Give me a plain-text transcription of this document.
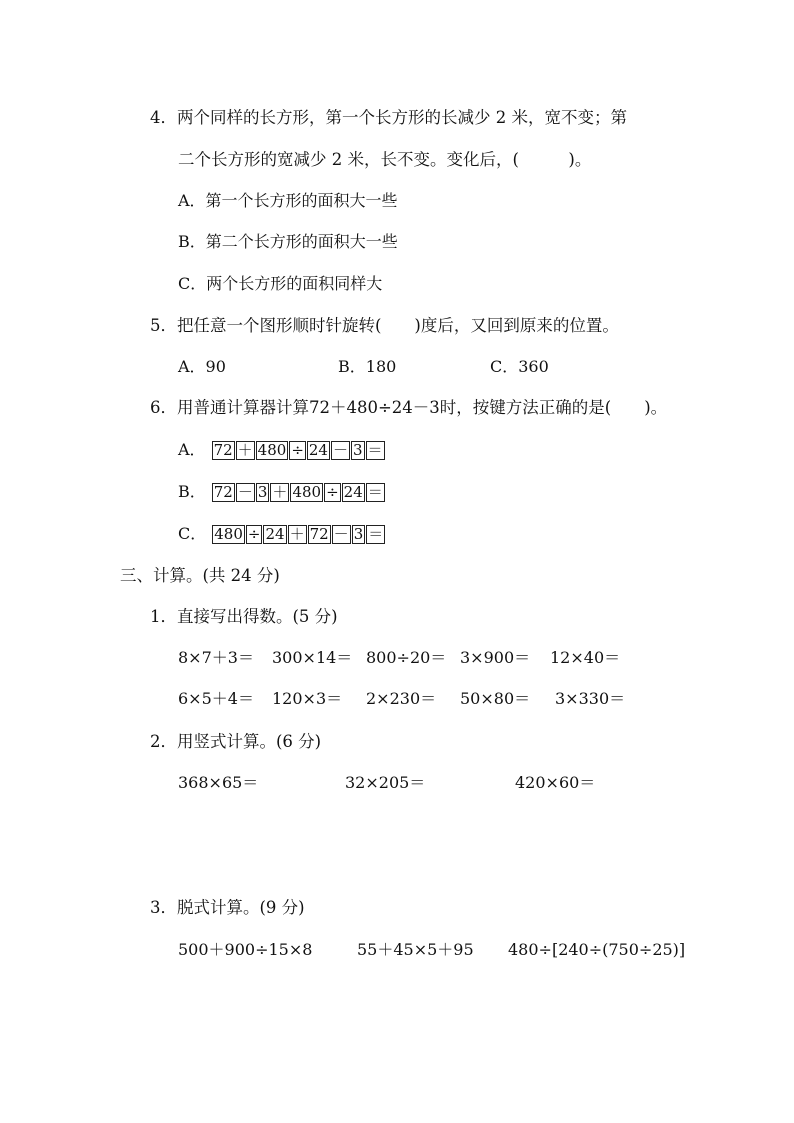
4．两个同样的长方形，第一个长方形的长减少 2 米，宽不变；第
二个长方形的宽减少 2 米，长不变。变化后，(　　　)。
A．第一个长方形的面积大一些
B．第二个长方形的面积大一些
C．两个长方形的面积同样大
5．把任意一个图形顺时针旋转(　　)度后，又回到原来的位置。
A．90	B．180	C．360
6．用普通计算器计算72＋480÷24－3时，按键方法正确的是(　　)。
A． 72 ＋ 480 ÷ 24 － 3 ＝
B． 72 － 3 ＋ 480 ÷ 24 ＝
C． 480 ÷ 24 ＋ 72 － 3 ＝
三、计算。(共 24 分)
1．直接写出得数。(5 分)
8×7＋3＝ 300×14＝ 800÷20＝ 3×900＝ 12×40＝
6×5＋4＝ 120×3＝ 2×230＝ 50×80＝ 3×330＝
2．用竖式计算。(6 分)
368×65＝	32×205＝	420×60＝
3．脱式计算。(9 分)
500＋900÷15×8	55＋45×5＋95 480÷[240÷(750÷25)]
